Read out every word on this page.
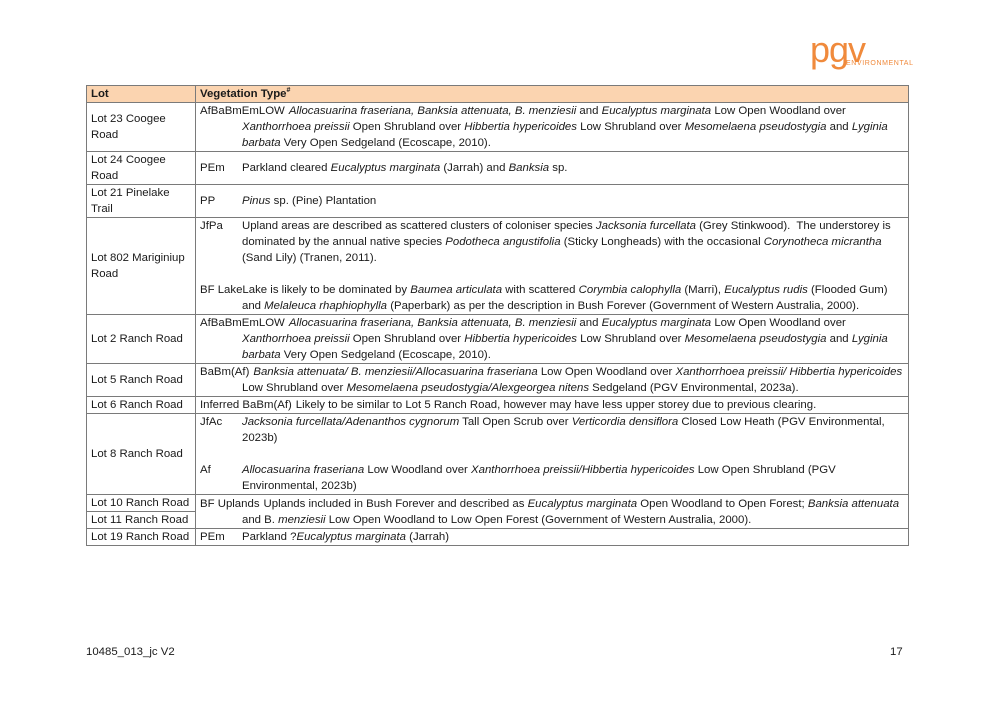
pgv
ENVIRONMENTAL
Lot	Vegetation Type#
Lot 23 Coogee Road	AfBaBmEmLOW Allocasuarina fraseriana, Banksia attenuata, B. menziesii and Eucalyptus marginata Low Open Woodland over Xanthorrhoea preissii Open Shrubland over Hibbertia hypericoides Low Shrubland over Mesomelaena pseudostygia and Lyginia barbata Very Open Sedgeland (Ecoscape, 2010).

Lot 24 Coogee Road	PEm Parkland cleared Eucalyptus marginata (Jarrah) and Banksia sp.

Lot 21 Pinelake Trail	PP Pinus sp. (Pine) Plantation

Lot 802 Mariginiup Road	JfPa Upland areas are described as scattered clusters of coloniser species Jacksonia furcellata (Grey Stinkwood).  The understorey is dominated by the annual native species Podotheca angustifolia (Sticky Longheads) with the occasional Corynotheca micrantha (Sand Lily) (Tranen, 2011).
BF LakeLake is likely to be dominated by Baumea articulata with scattered Corymbia calophylla (Marri), Eucalyptus rudis (Flooded Gum) and Melaleuca rhaphiophylla (Paperbark) as per the description in Bush Forever (Government of Western Australia, 2000).

Lot 2 Ranch Road	AfBaBmEmLOW Allocasuarina fraseriana, Banksia attenuata, B. menziesii and Eucalyptus marginata Low Open Woodland over Xanthorrhoea preissii Open Shrubland over Hibbertia hypericoides Low Shrubland over Mesomelaena pseudostygia and Lyginia barbata Very Open Sedgeland (Ecoscape, 2010).

Lot 5 Ranch Road	BaBm(Af) Banksia attenuata/ B. menziesii/Allocasuarina fraseriana Low Open Woodland over Xanthorrhoea preissii/ Hibbertia hypericoides Low Shrubland over Mesomelaena pseudostygia/Alexgeorgea nitens Sedgeland (PGV Environmental, 2023a).

Lot 6 Ranch Road	Inferred BaBm(Af) Likely to be similar to Lot 5 Ranch Road, however may have less upper storey due to previous clearing.

Lot 8 Ranch Road	JfAc Jacksonia furcellata/Adenanthos cygnorum Tall Open Scrub over Verticordia densiflora Closed Low Heath (PGV Environmental, 2023b)
Af Allocasuarina fraseriana Low Woodland over Xanthorrhoea preissii/Hibbertia hypericoides Low Open Shrubland (PGV Environmental, 2023b)

Lot 10 Ranch Road	BF Uplands Uplands included in Bush Forever and described as Eucalyptus marginata Open Woodland to Open Forest; Banksia attenuata and B. menziesii Low Open Woodland to Low Open Forest (Government of Western Australia, 2000).

Lot 11 Ranch Road	
Lot 19 Ranch Road	PEm Parkland ?Eucalyptus marginata (Jarrah)
10485_013_jc V2	17
